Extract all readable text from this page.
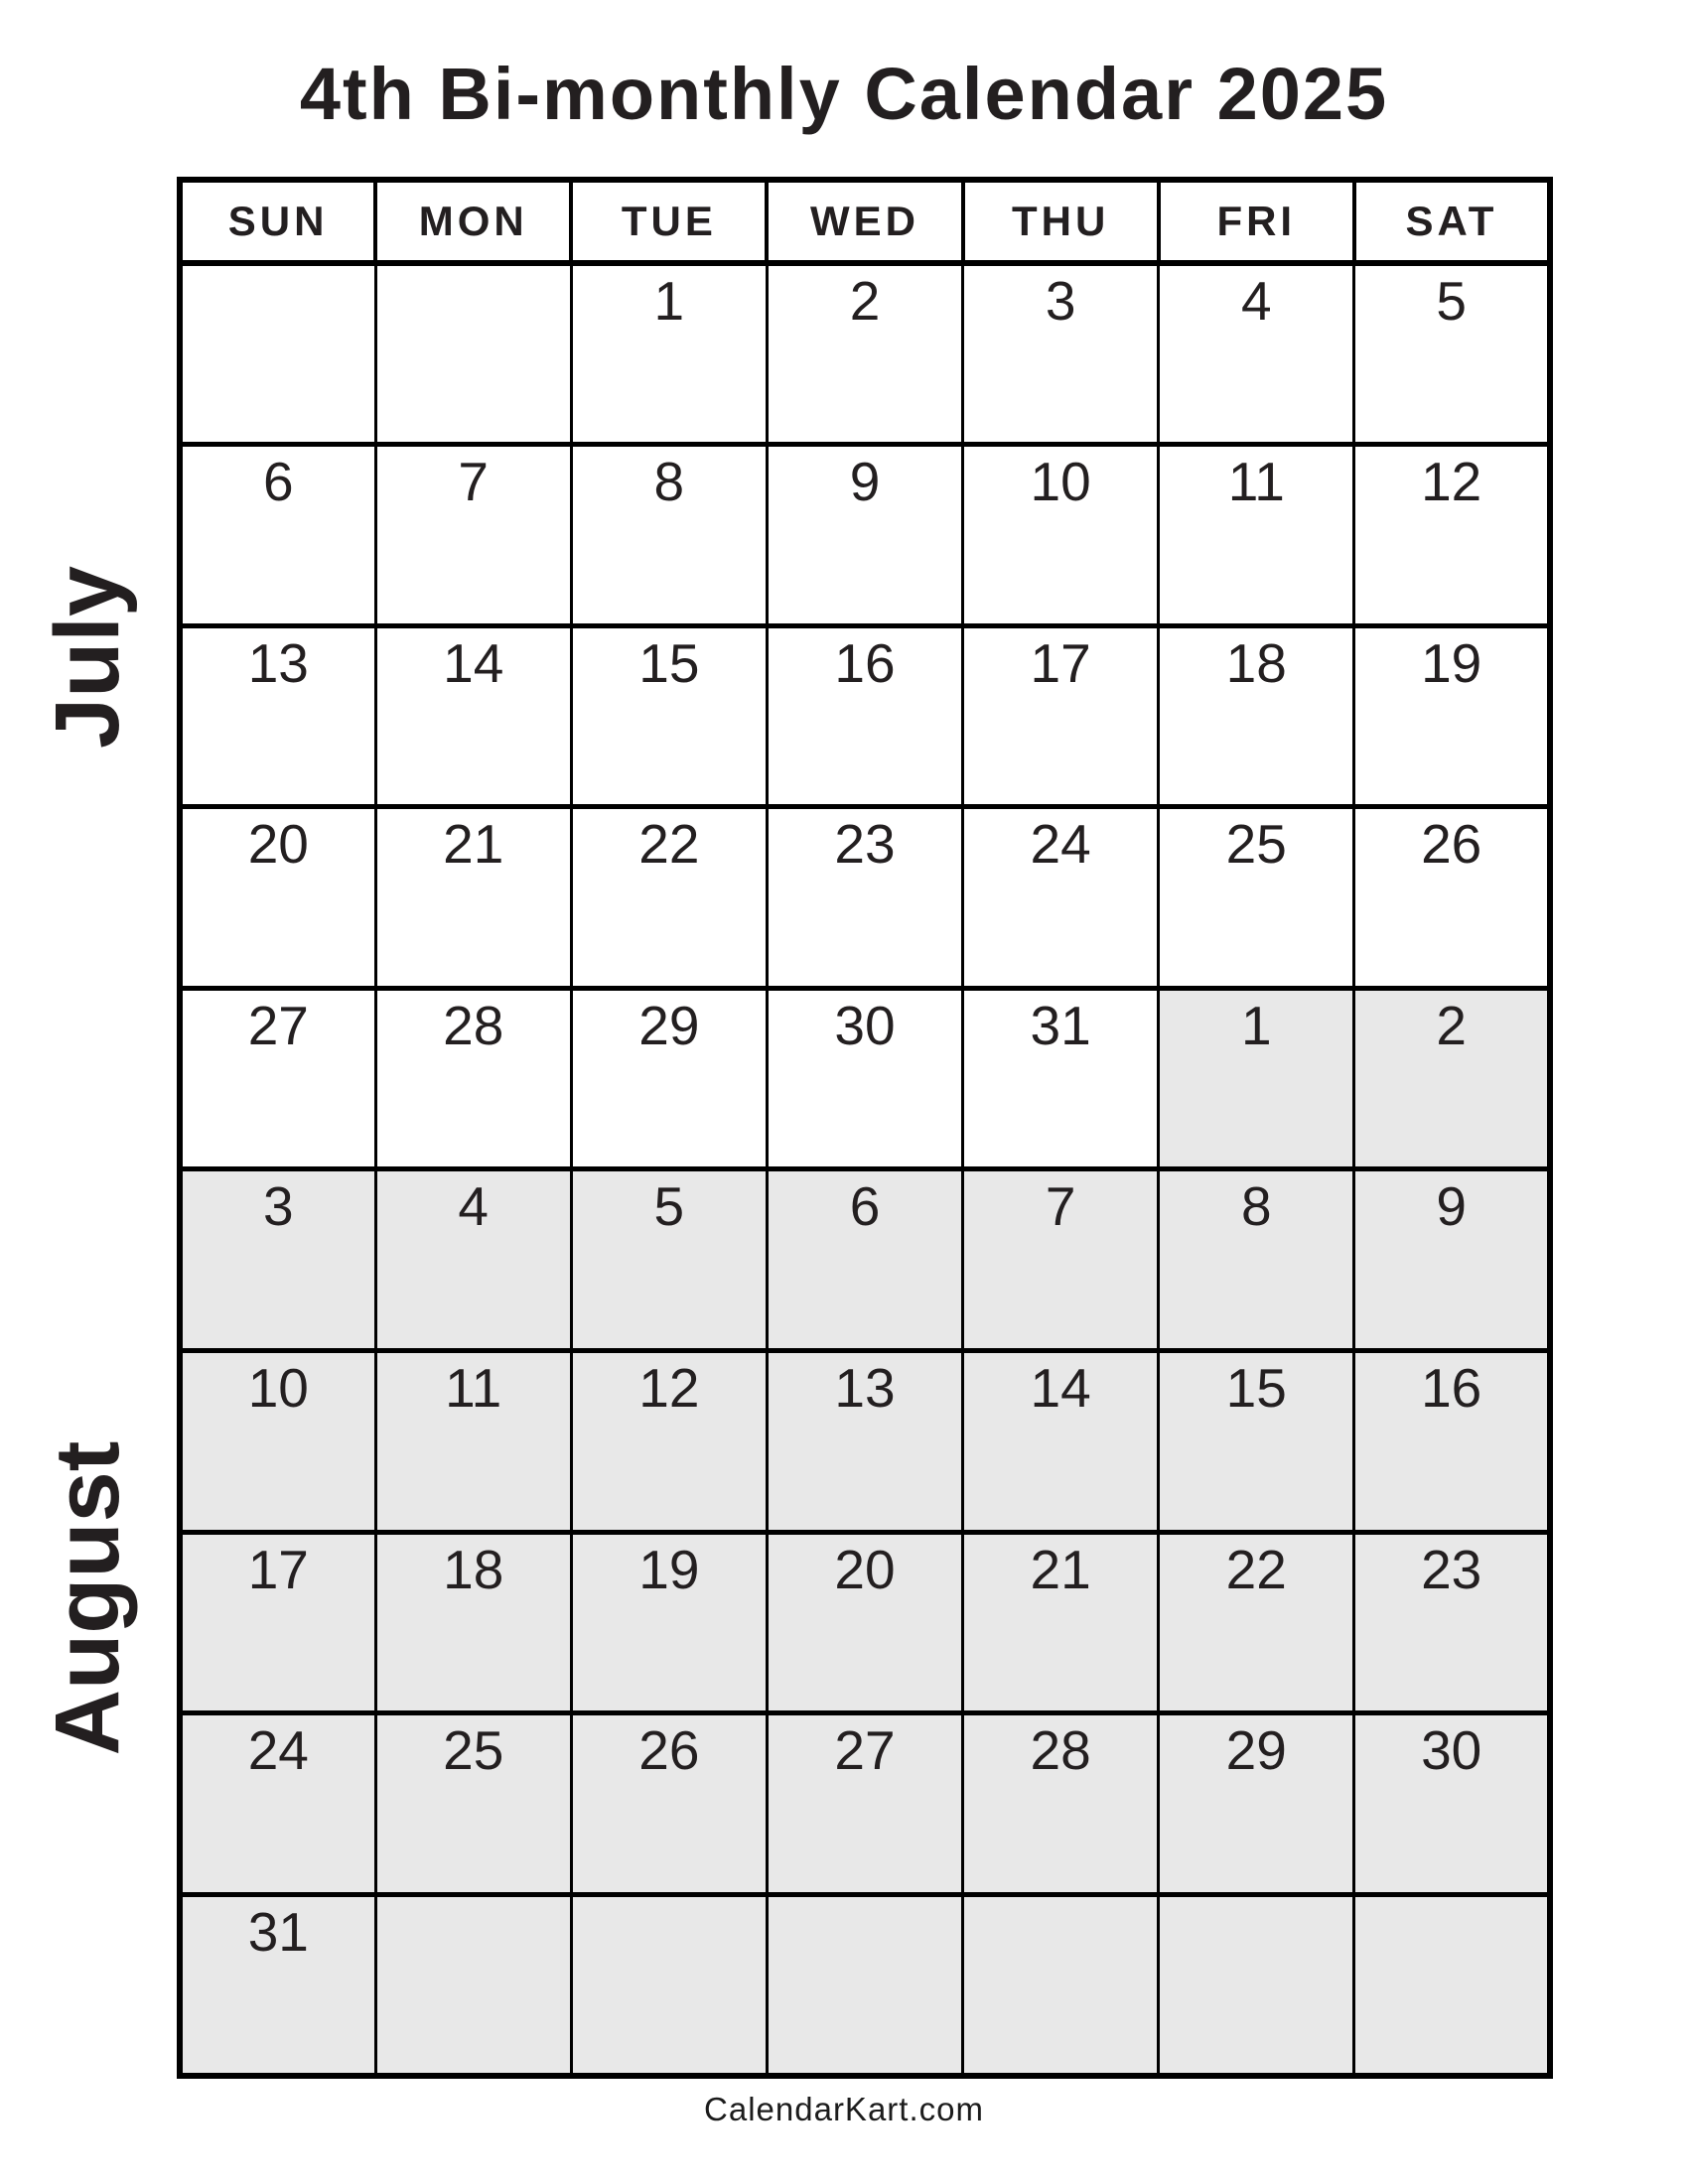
4th Bi-monthly Calendar 2025
July
August
SUN	MON	TUE	WED	THU	FRI	SAT
		1	2	3	4	5
6	7	8	9	10	11	12
13	14	15	16	17	18	19
20	21	22	23	24	25	26
27	28	29	30	31	1	2
3	4	5	6	7	8	9
10	11	12	13	14	15	16
17	18	19	20	21	22	23
24	25	26	27	28	29	30
31						
CalendarKart.com
